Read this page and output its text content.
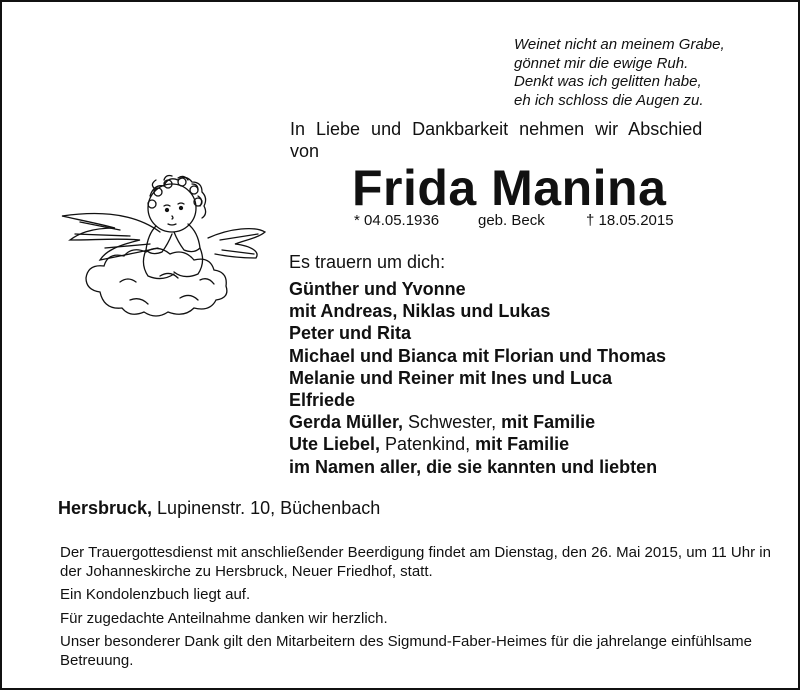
Weinet nicht an meinem Grabe,
gönnet mir die ewige Ruh.
Denkt was ich gelitten habe,
eh ich schloss die Augen zu.
In Liebe und Dankbarkeit nehmen wir Abschied
von
Frida Manina
* 04.05.1936	geb. Beck	† 18.05.2015
Es trauern um dich:
Günther und Yvonne
mit Andreas, Niklas und Lukas
Peter und Rita
Michael und Bianca mit Florian und Thomas
Melanie und Reiner mit Ines und Luca
Elfriede
Gerda Müller, Schwester, mit Familie
Ute Liebel, Patenkind, mit Familie
im Namen aller, die sie kannten und liebten
Hersbruck, Lupinenstr. 10, Büchenbach

Der Trauergottesdienst mit anschließender Beerdigung findet am Dienstag, den 26. Mai 2015, um 11 Uhr in der Johanneskirche zu Hersbruck, Neuer Friedhof, statt.

Ein Kondolenzbuch liegt auf.

Für zugedachte Anteilnahme danken wir herzlich.

Unser besonderer Dank gilt den Mitarbeitern des Sigmund-Faber-Heimes für die jahrelange einfühlsame Betreuung.
